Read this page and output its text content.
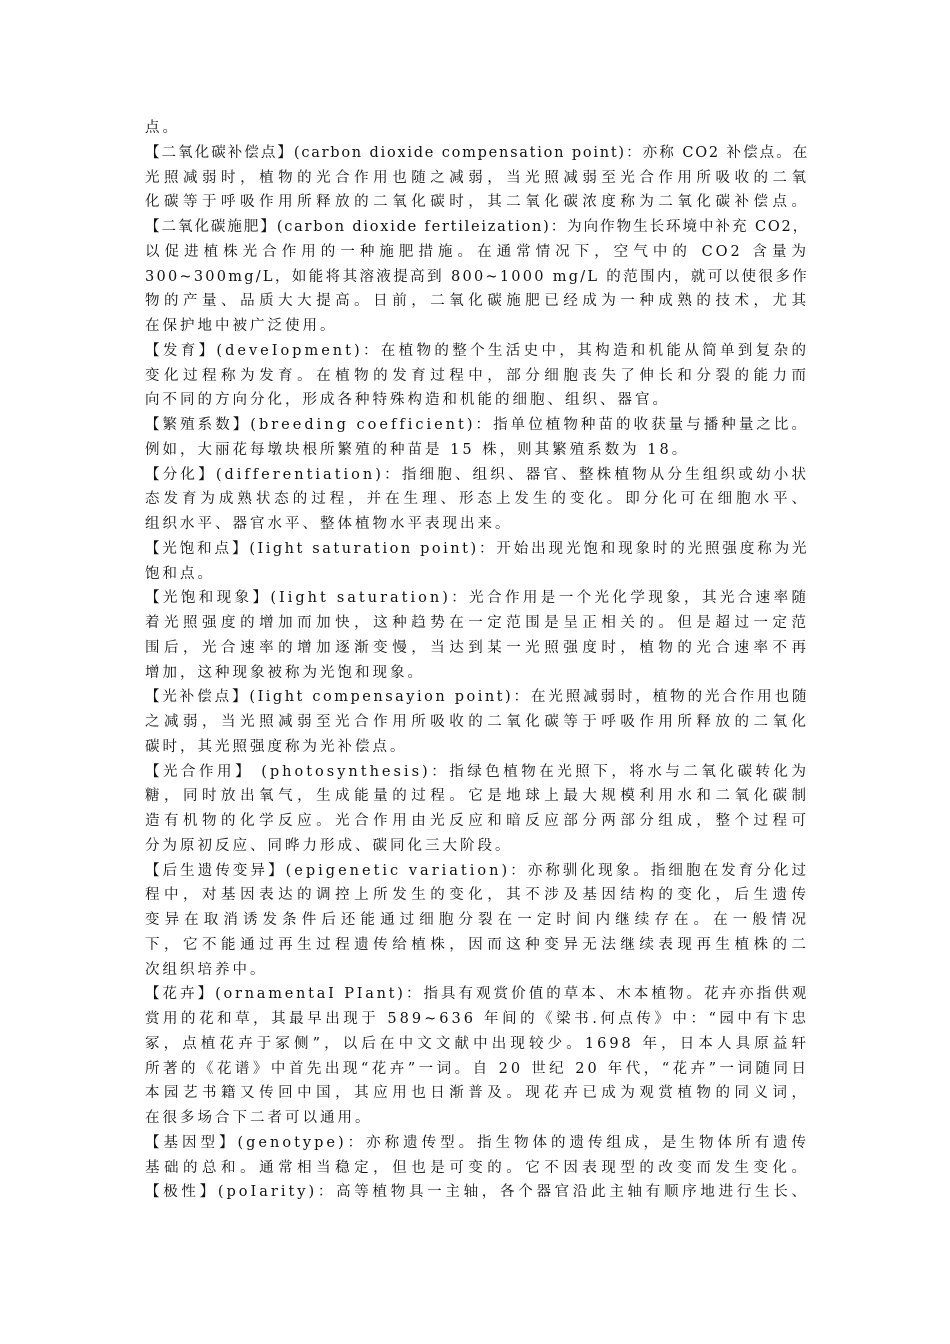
点。
【二氧化碳补偿点】(carbon dioxide compensation point)：亦称 CO2 补偿点。在
光照减弱时，植物的光合作用也随之减弱，当光照减弱至光合作用所吸收的二氧
化碳等于呼吸作用所释放的二氧化碳时，其二氧化碳浓度称为二氧化碳补偿点。
【二氧化碳施肥】(carbon dioxide fertileization)：为向作物生长环境中补充 CO2，
以促进植株光合作用的一种施肥措施。在通常情况下，空气中的 CO2 含量为
300~300mg/L，如能将其溶液提高到 800~1000 mg/L 的范围内，就可以使很多作
物的产量、品质大大提高。日前，二氧化碳施肥已经成为一种成熟的技术，尤其
在保护地中被广泛使用。
【发育】(deveIopment)：在植物的整个生活史中，其构造和机能从简单到复杂的
变化过程称为发育。在植物的发育过程中，部分细胞丧失了伸长和分裂的能力而
向不同的方向分化，形成各种特殊构造和机能的细胞、组织、器官。
【繁殖系数】(breeding coefficient)：指单位植物种苗的收获量与播种量之比。
例如，大丽花每墩块根所繁殖的种苗是 15 株，则其繁殖系数为 18。
【分化】(differentiation)：指细胞、组织、器官、整株植物从分生组织或幼小状
态发育为成熟状态的过程，并在生理、形态上发生的变化。即分化可在细胞水平、
组织水平、器官水平、整体植物水平表现出来。
【光饱和点】(Iight saturation point)：开始出现光饱和现象时的光照强度称为光
饱和点。
【光饱和现象】(Iight saturation)：光合作用是一个光化学现象，其光合速率随
着光照强度的增加而加快，这种趋势在一定范围是呈正相关的。但是超过一定范
围后，光合速率的增加逐渐变慢，当达到某一光照强度时，植物的光合速率不再
增加，这种现象被称为光饱和现象。
【光补偿点】(Iight compensayion point)：在光照减弱时，植物的光合作用也随
之减弱，当光照减弱至光合作用所吸收的二氧化碳等于呼吸作用所释放的二氧化
碳时，其光照强度称为光补偿点。
【光合作用】 (photosynthesis)：指绿色植物在光照下，将水与二氧化碳转化为
糖，同时放出氧气，生成能量的过程。它是地球上最大规模利用水和二氧化碳制
造有机物的化学反应。光合作用由光反应和暗反应部分两部分组成，整个过程可
分为原初反应、同晔力形成、碳同化三大阶段。
【后生遗传变异】(epigenetic variation)：亦称驯化现象。指细胞在发育分化过
程中，对基因表达的调控上所发生的变化，其不涉及基因结构的变化，后生遗传
变异在取消诱发条件后还能通过细胞分裂在一定时间内继续存在。在一般情况
下，它不能通过再生过程遗传给植株，因而这种变异无法继续表现再生植株的二
次组织培养中。
【花卉】(ornamentaI PIant)：指具有观赏价值的草本、木本植物。花卉亦指供观
赏用的花和草，其最早出现于 589~636 年间的《梁书.何点传》中：“园中有卞忠
冢，点植花卉于冢侧”，以后在中文文献中出现较少。1698 年，日本人具原益轩
所著的《花谱》中首先出现“花卉”一词。自 20 世纪 20 年代，“花卉”一词随同日
本园艺书籍又传回中国，其应用也日渐普及。现花卉已成为观赏植物的同义词，
在很多场合下二者可以通用。
【基因型】(genotype)：亦称遗传型。指生物体的遗传组成，是生物体所有遗传
基础的总和。通常相当稳定，但也是可变的。它不因表现型的改变而发生变化。
【极性】(poIarity)：高等植物具一主轴，各个器官沿此主轴有顺序地进行生长、
